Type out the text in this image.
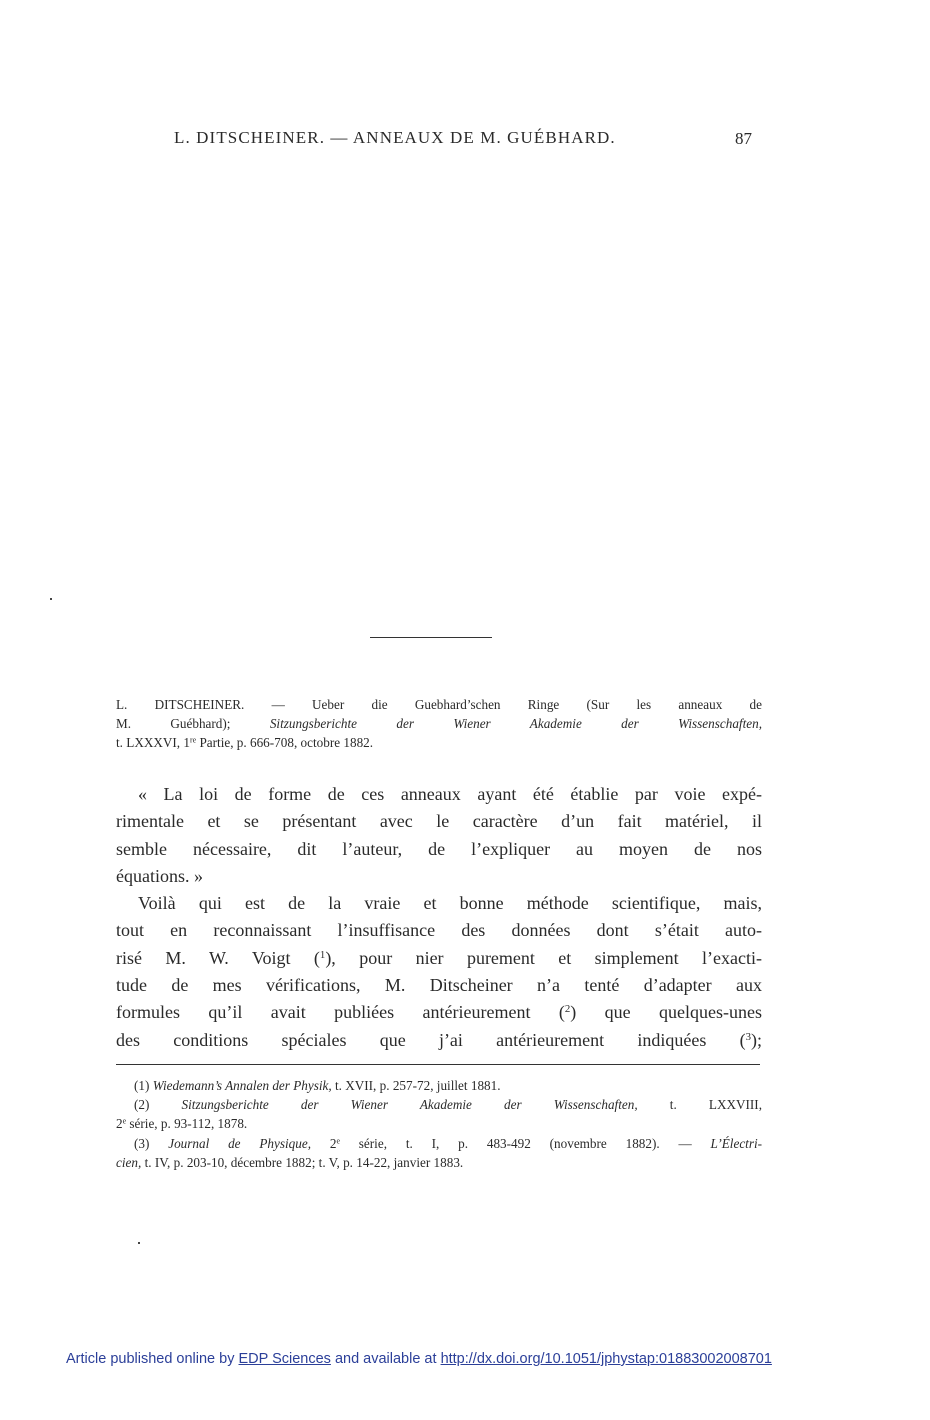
L. DITSCHEINER. — ANNEAUX DE M. GUÉBHARD.	87
L. DITSCHEINER. — Ueber die Guebhard’schen Ringe (Sur les anneaux de
M. Guébhard); Sitzungsberichte der Wiener Akademie der Wissenschaften,
t. LXXXVI, 1re Partie, p. 666-708, octobre 1882.
« La loi de forme de ces anneaux ayant été établie par voie expé-
rimentale et se présentant avec le caractère d’un fait matériel, il
semble nécessaire, dit l’auteur, de l’expliquer au moyen de nos
équations. »
Voilà qui est de la vraie et bonne méthode scientifique, mais,
tout en reconnaissant l’insuffisance des données dont s’était auto-
risé M. W. Voigt ($^1$), pour nier purement et simplement l’exacti-
tude de mes vérifications, M. Ditscheiner n’a tenté d’adapter aux
formules qu’il avait publiées antérieurement ($^2$) que quelques-unes
des conditions spéciales que j’ai antérieurement indiquées ($^3$);
(1) Wiedemann’s Annalen der Physik, t. XVII, p. 257-72, juillet 1881.
(2) Sitzungsberichte der Wiener Akademie der Wissenschaften, t. LXXVIII,
2e série, p. 93-112, 1878.
(3) Journal de Physique, 2e série, t. I, p. 483-492 (novembre 1882). — L’Électri-
cien, t. IV, p. 203-10, décembre 1882; t. V, p. 14-22, janvier 1883.
Article published online by EDP Sciences and available at http://dx.doi.org/10.1051/jphystap:01883002008701
